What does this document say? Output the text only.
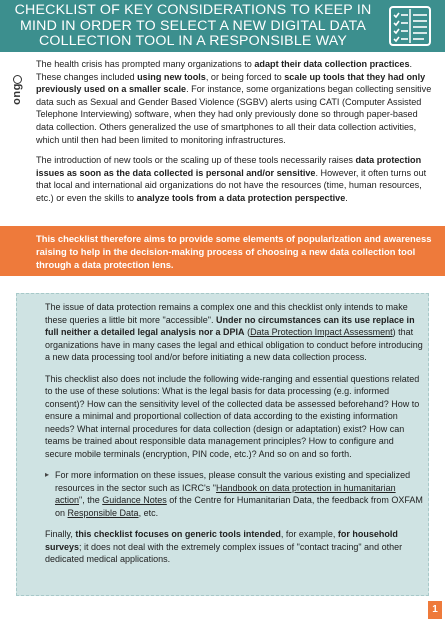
CHECKLIST OF KEY CONSIDERATIONS TO KEEP IN MIND IN ORDER TO SELECT A NEW DIGITAL DATA COLLECTION TOOL IN A RESPONSIBLE WAY
ong

The health crisis has prompted many organizations to adapt their data collection practices. These changes included using new tools, or being forced to scale up tools that they had only previously used on a smaller scale. For instance, some organizations began collecting sensitive data such as Sexual and Gender Based Violence (SGBV) alerts using CATI (Computer Assisted Telephone Interviewing) software, when they had only previously done so through paper-based data collection. Others generalized the use of smartphones to all their data collection activities, which until then had been limited to monitoring infrastructures.

The introduction of new tools or the scaling up of these tools necessarily raises data protection issues as soon as the data collected is personal and/or sensitive. However, it often turns out that local and international aid organizations do not have the resources (time, human resources, etc.) or even the skills to analyze tools from a data protection perspective.

This checklist therefore aims to provide some elements of popularization and awareness raising to help in the decision-making process of choosing a new data collection tool through a data protection lens.

The issue of data protection remains a complex one and this checklist only intends to make these queries a little bit more "accessible". Under no circumstances can its use replace in full neither a detailed legal analysis nor a DPIA (Data Protection Impact Assessment) that organizations have in many cases the legal and ethical obligation to conduct before introducing a new data processing tool and/or before initiating a new data collection process.

This checklist also does not include the following wide-ranging and essential questions related to the use of these solutions: What is the legal basis for data processing (e.g. informed consent)? How can the sensitivity level of the collected data be assessed beforehand? How to ensure a minimal and proportional collection of data according to the existing information needs? What internal procedures for data collection (design or adaptation) exist? How can teams be trained about responsible data management principles? How to configure and secure mobile terminals (encryption, PIN code, etc.)? And so on and so forth.

▸ For more information on these issues, please consult the various existing and specialized resources in the sector such as ICRC's "Handbook on data protection in humanitarian action", the Guidance Notes of the Centre for Humanitarian Data, the feedback from OXFAM on Responsible Data, etc.

Finally, this checklist focuses on generic tools intended, for example, for household surveys; it does not deal with the extremely complex issues of "contact tracing" and other dedicated medical applications.

1
